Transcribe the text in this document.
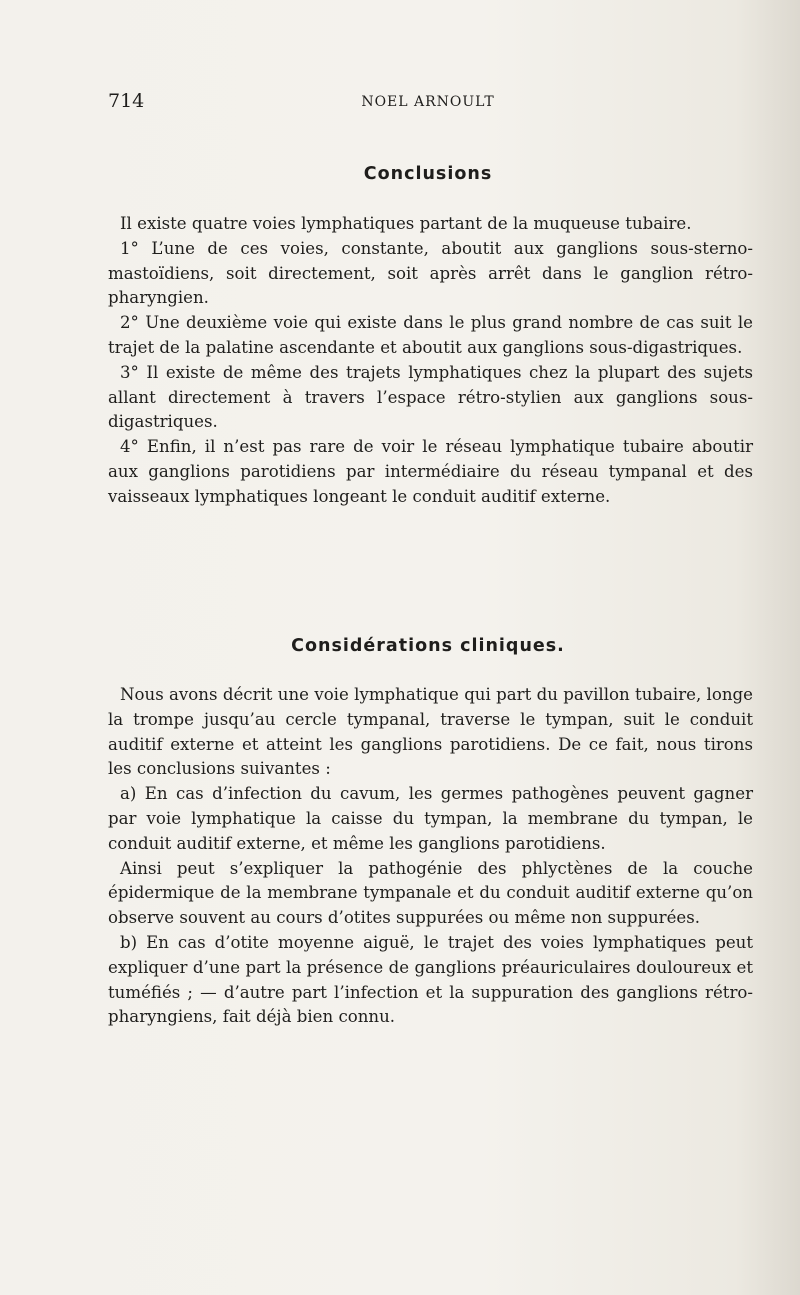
714	NOEL ARNOULT
Conclusions

Il existe quatre voies lymphatiques partant de la muqueuse tubaire.

1° L’une de ces voies, constante, aboutit aux ganglions sous-sterno-mastoïdiens, soit directement, soit après arrêt dans le ganglion rétro-pharyngien.

2° Une deuxième voie qui existe dans le plus grand nombre de cas suit le trajet de la palatine ascendante et aboutit aux ganglions sous-digastriques.

3° Il existe de même des trajets lymphatiques chez la plupart des sujets allant directement à travers l’espace rétro-stylien aux ganglions sous-digastriques.

4° Enfin, il n’est pas rare de voir le réseau lymphatique tubaire aboutir aux ganglions parotidiens par intermédiaire du réseau tympanal et des vaisseaux lymphatiques longeant le conduit auditif externe.

Considérations cliniques.

Nous avons décrit une voie lymphatique qui part du pavillon tubaire, longe la trompe jusqu’au cercle tympanal, traverse le tympan, suit le conduit auditif externe et atteint les ganglions parotidiens. De ce fait, nous tirons les conclusions suivantes :

a) En cas d’infection du cavum, les germes pathogènes peuvent gagner par voie lymphatique la caisse du tympan, la membrane du tympan, le conduit auditif externe, et même les ganglions parotidiens.

Ainsi peut s’expliquer la pathogénie des phlyctènes de la couche épidermique de la membrane tympanale et du conduit auditif externe qu’on observe souvent au cours d’otites suppurées ou même non suppurées.

b) En cas d’otite moyenne aiguë, le trajet des voies lymphatiques peut expliquer d’une part la présence de ganglions préauriculaires douloureux et tuméfiés ; — d’autre part l’infection et la suppuration des ganglions rétro-pharyngiens, fait déjà bien connu.
